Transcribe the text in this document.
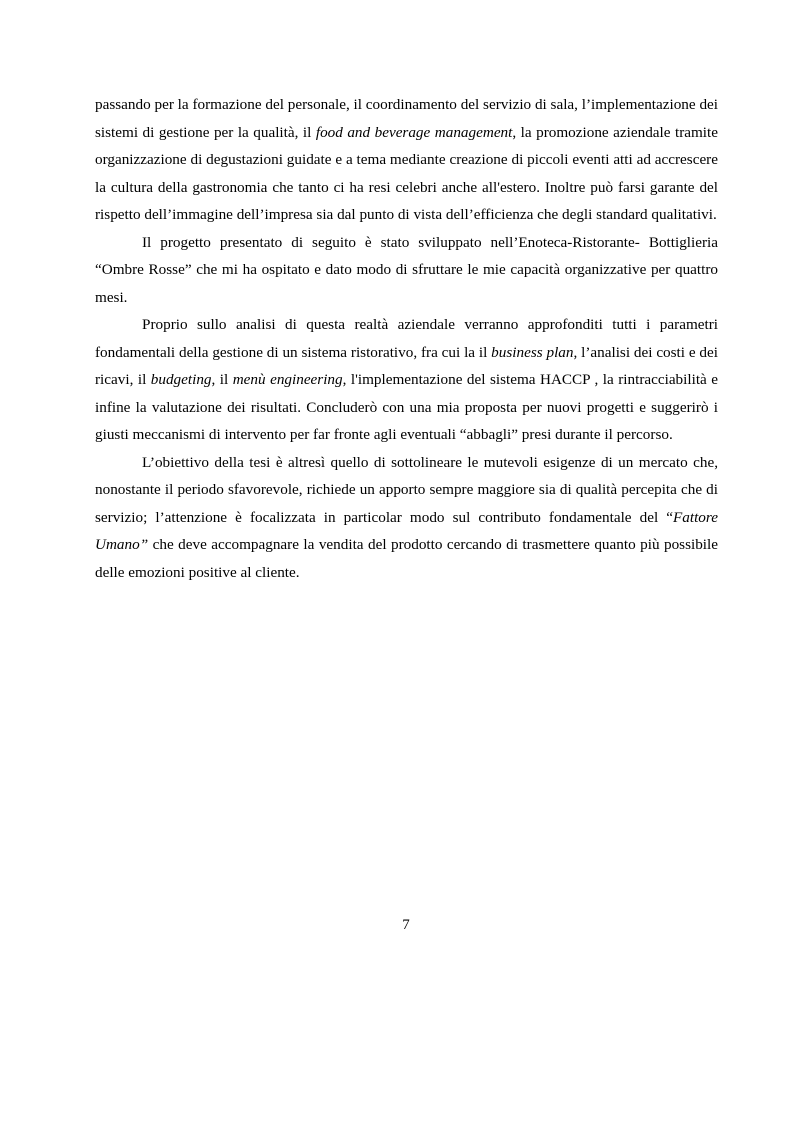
passando per la formazione del personale, il coordinamento del servizio di sala, l’implementazione dei sistemi di gestione per la qualità, il food and beverage management, la promozione aziendale tramite organizzazione di degustazioni guidate e a tema mediante creazione di piccoli eventi atti ad accrescere la cultura della gastronomia che tanto ci ha resi celebri anche all'estero. Inoltre può farsi garante del rispetto dell’immagine dell’impresa sia dal punto di vista dell’efficienza che degli standard qualitativi.

Il progetto presentato di seguito è stato sviluppato nell’Enoteca-Ristorante- Bottiglieria “Ombre Rosse” che mi ha ospitato e dato modo di sfruttare le mie capacità organizzative per quattro mesi.

Proprio sullo analisi di questa realtà aziendale verranno approfonditi tutti i parametri fondamentali della gestione di un sistema ristorativo, fra cui la il business plan, l’analisi dei costi e dei ricavi, il budgeting, il menù engineering, l'implementazione del sistema HACCP , la rintracciabilità e infine la valutazione dei risultati. Concluderò con una mia proposta per nuovi progetti e suggerirò i giusti meccanismi di intervento per far fronte agli eventuali “abbagli” presi durante il percorso.

L’obiettivo della tesi è altresì quello di sottolineare le mutevoli esigenze di un mercato che, nonostante il periodo sfavorevole, richiede un apporto sempre maggiore sia di qualità percepita che di servizio; l’attenzione è focalizzata in particolar modo sul contributo fondamentale del “Fattore Umano” che deve accompagnare la vendita del prodotto cercando di trasmettere quanto più possibile delle emozioni positive al cliente.

7
